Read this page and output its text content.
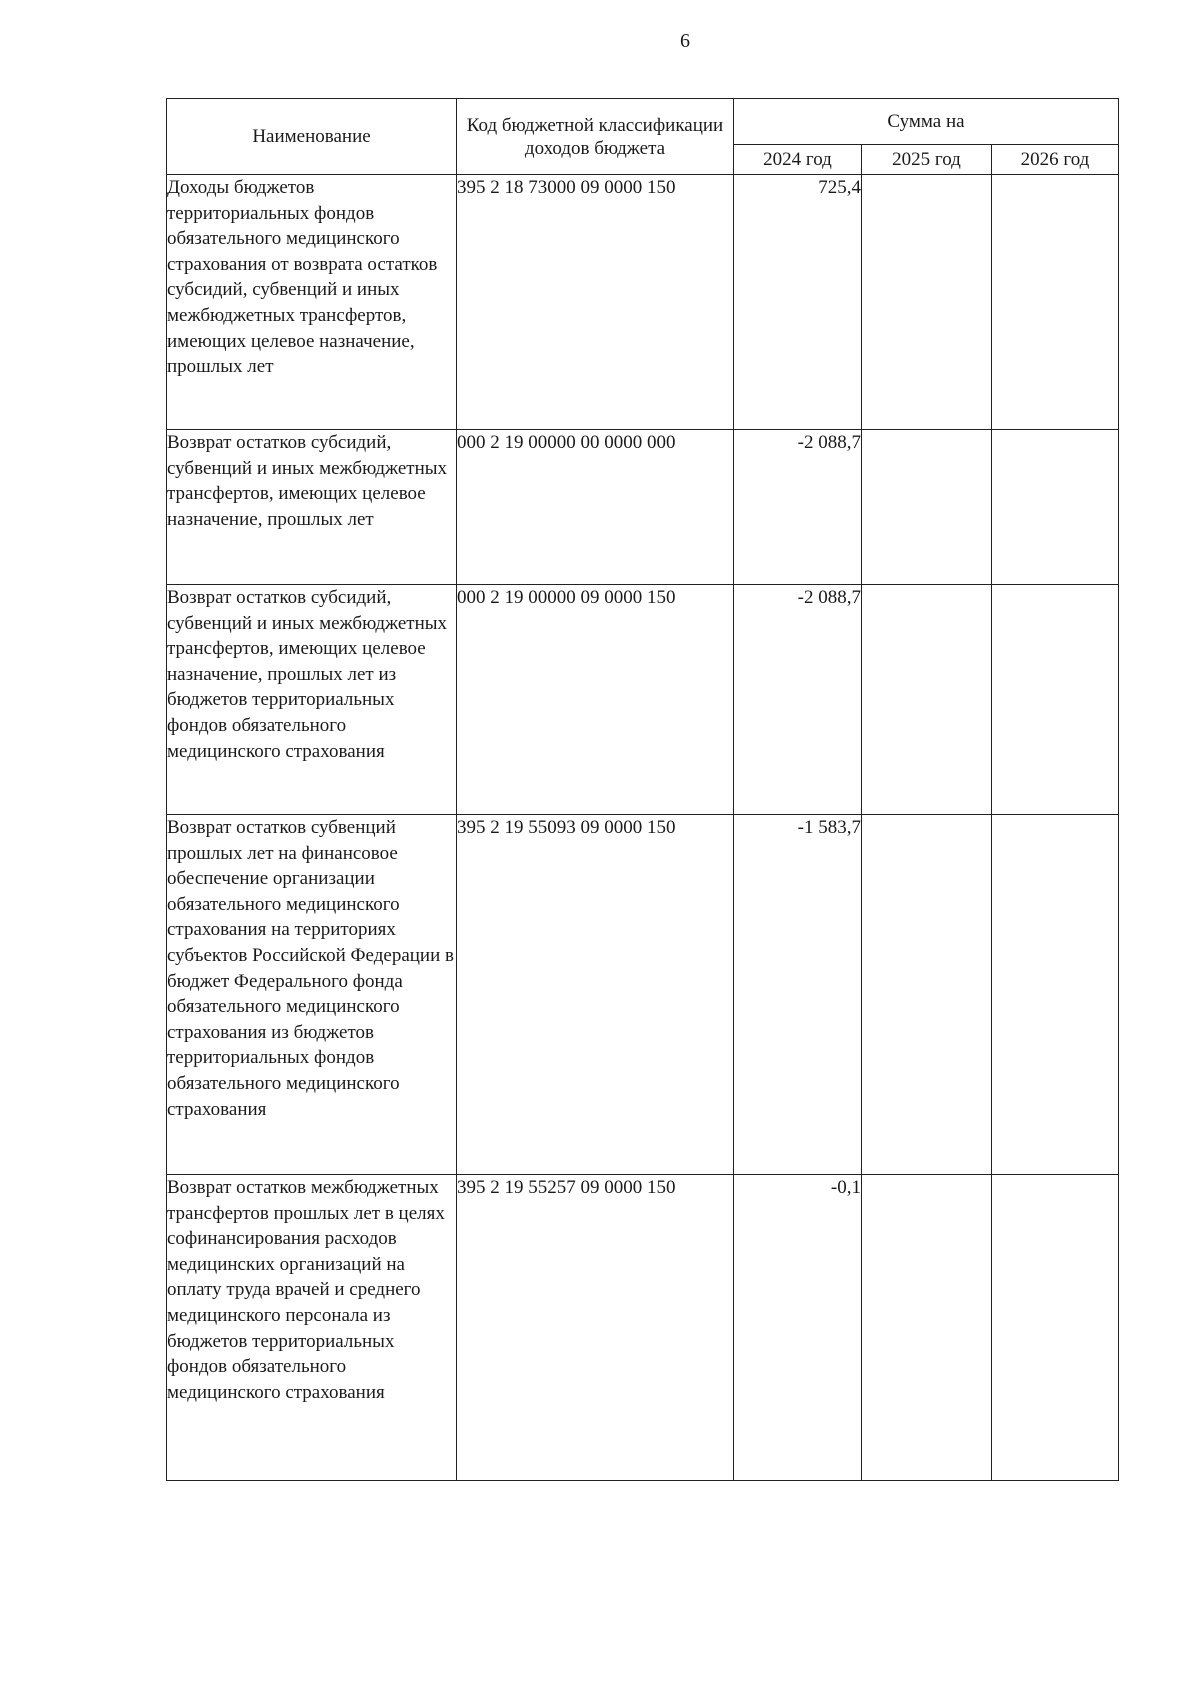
6
Наименование	Код бюджетной классификации доходов бюджета	Сумма на		
		2024 год	2025 год	2026 год
Доходы бюджетов территориальных фондов обязательного медицинского страхования от возврата остатков субсидий, субвенций и иных межбюджетных трансфертов, имеющих целевое назначение, прошлых лет	395 2 18 73000 09 0000 150	725,4		
Возврат остатков субсидий, субвенций и иных межбюджетных трансфертов, имеющих целевое назначение, прошлых лет	000 2 19 00000 00 0000 000	-2 088,7		
Возврат остатков субсидий, субвенций и иных межбюджетных трансфертов, имеющих целевое назначение, прошлых лет из бюджетов территориальных фондов обязательного медицинского страхования	000 2 19 00000 09 0000 150	-2 088,7		
Возврат остатков субвенций прошлых лет на финансовое обеспечение организации обязательного медицинского страхования на территориях субъектов Российской Федерации в бюджет Федерального фонда обязательного медицинского страхования из бюджетов территориальных фондов обязательного медицинского страхования	395 2 19 55093 09 0000 150	-1 583,7		
Возврат остатков межбюджетных трансфертов прошлых лет в целях софинансирования расходов медицинских организаций на оплату труда врачей и среднего медицинского персонала из бюджетов территориальных фондов обязательного медицинского страхования	395 2 19 55257 09 0000 150	-0,1		
